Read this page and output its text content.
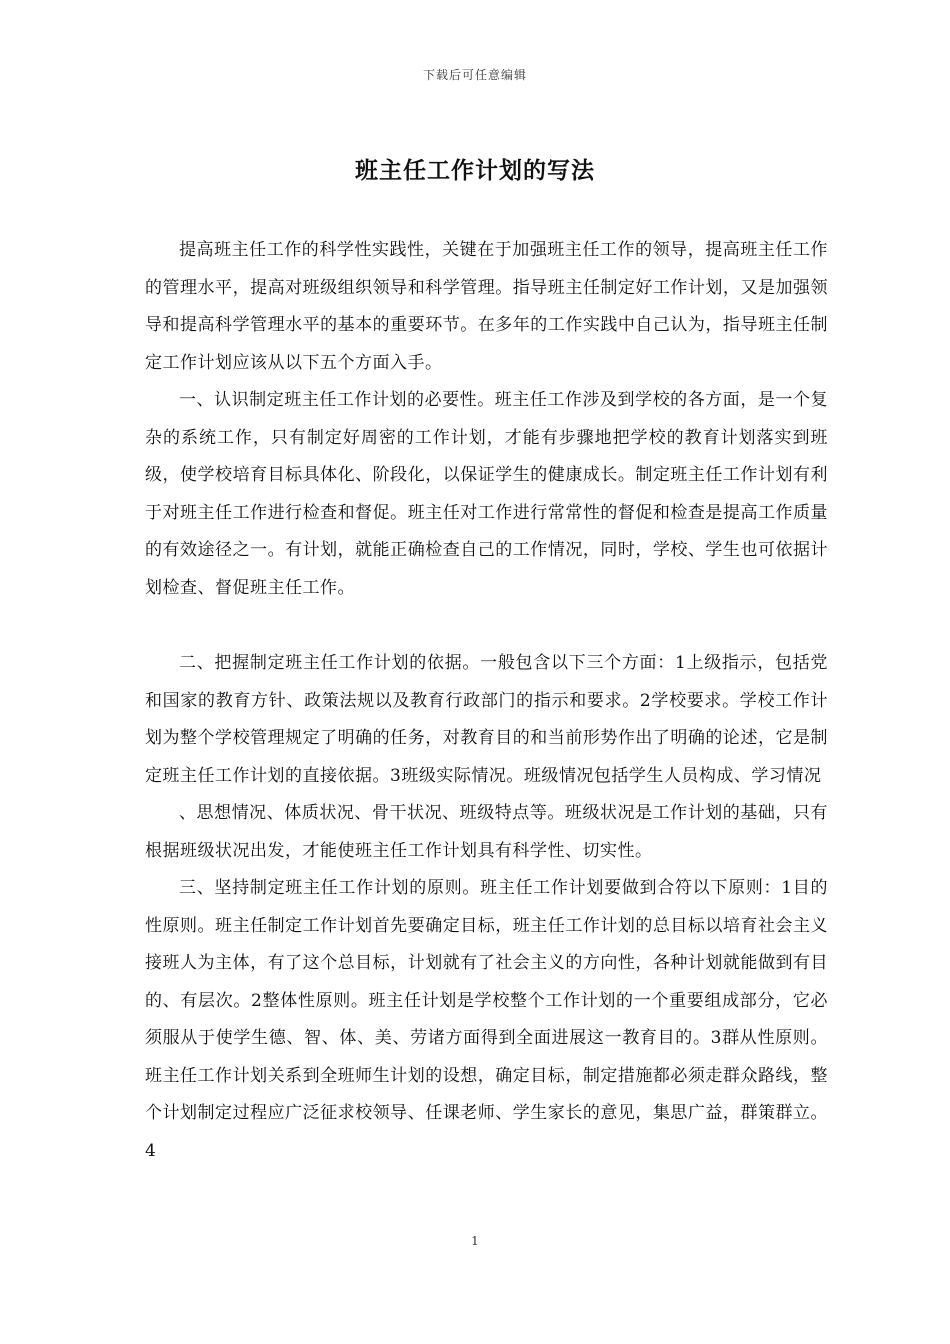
下载后可任意编辑
班主任工作计划的写法

提高班主任工作的科学性实践性，关键在于加强班主任工作的领导，提高班主任工作的管理水平，提高对班级组织领导和科学管理。指导班主任制定好工作计划，又是加强领导和提高科学管理水平的基本的重要环节。在多年的工作实践中自己认为，指导班主任制定工作计划应该从以下五个方面入手。

一、认识制定班主任工作计划的必要性。班主任工作涉及到学校的各方面，是一个复杂的系统工作，只有制定好周密的工作计划，才能有步骤地把学校的教育计划落实到班级，使学校培育目标具体化、阶段化，以保证学生的健康成长。制定班主任工作计划有利于对班主任工作进行检查和督促。班主任对工作进行常常性的督促和检查是提高工作质量的有效途径之一。有计划，就能正确检查自己的工作情况，同时，学校、学生也可依据计划检查、督促班主任工作。

二、把握制定班主任工作计划的依据。一般包含以下三个方面：1上级指示，包括党和国家的教育方针、政策法规以及教育行政部门的指示和要求。2学校要求。学校工作计划为整个学校管理规定了明确的任务，对教育目的和当前形势作出了明确的论述，它是制定班主任工作计划的直接依据。3班级实际情况。班级情况包括学生人员构成、学习情况

、思想情况、体质状况、骨干状况、班级特点等。班级状况是工作计划的基础，只有根据班级状况出发，才能使班主任工作计划具有科学性、切实性。

三、坚持制定班主任工作计划的原则。班主任工作计划要做到合符以下原则：1目的性原则。班主任制定工作计划首先要确定目标，班主任工作计划的总目标以培育社会主义接班人为主体，有了这个总目标，计划就有了社会主义的方向性，各种计划就能做到有目的、有层次。2整体性原则。班主任计划是学校整个工作计划的一个重要组成部分，它必须服从于使学生德、智、体、美、劳诸方面得到全面进展这一教育目的。3群从性原则。班主任工作计划关系到全班师生计划的设想，确定目标，制定措施都必须走群众路线，整个计划制定过程应广泛征求校领导、任课老师、学生家长的意见，集思广益，群策群立。4

1
